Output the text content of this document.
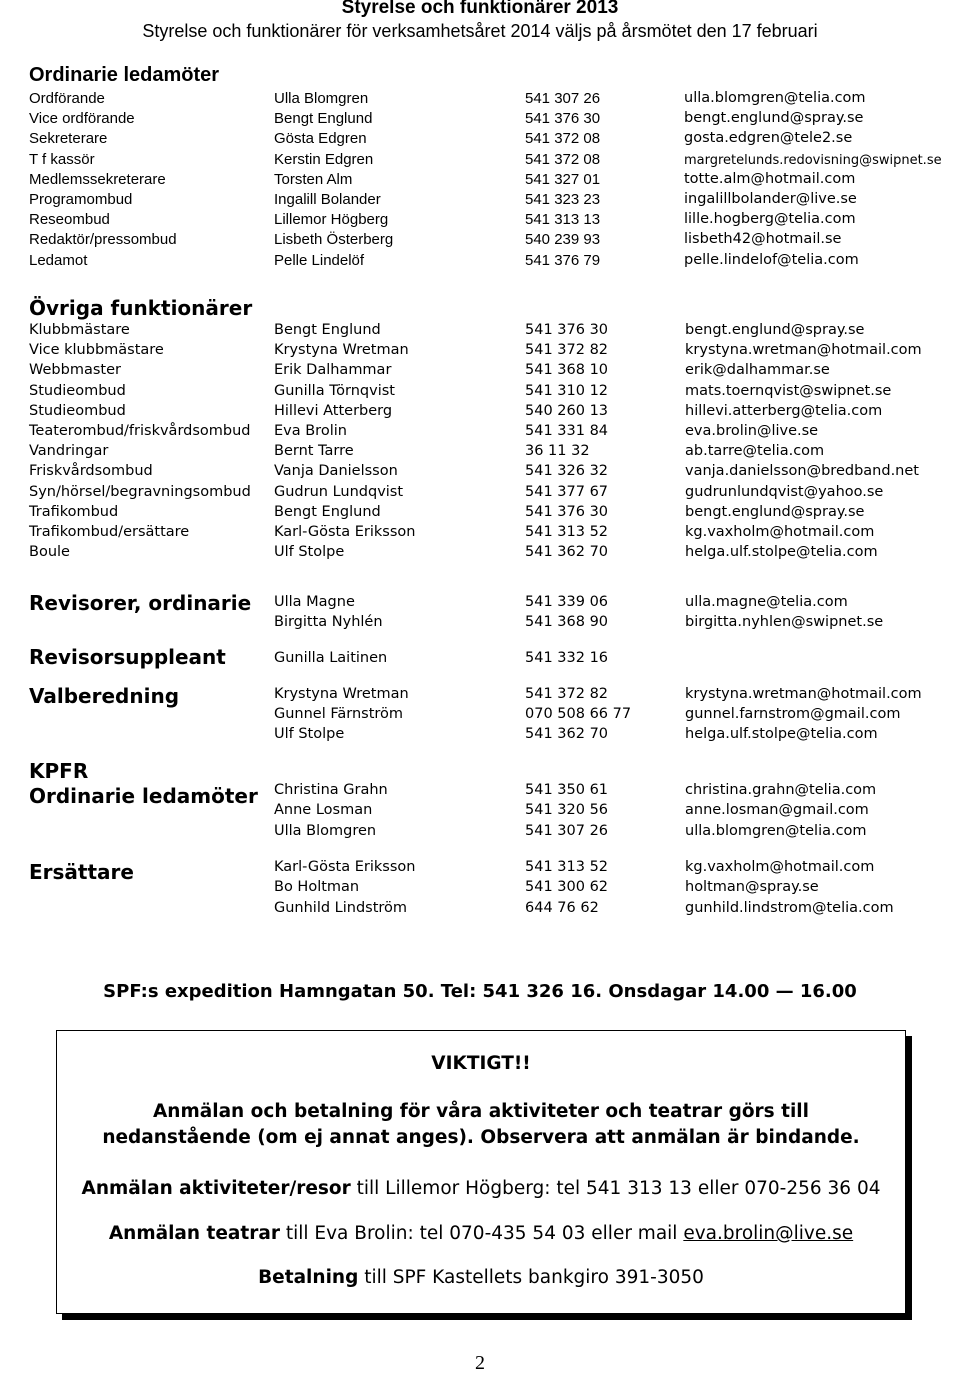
Styrelse och funktionärer 2013
Styrelse och funktionärer för verksamhetsåret 2014 väljs på årsmötet den 17 februari
Ordinarie ledamöter
Ordförande	Ulla Blomgren	541 307 26	ulla.blomgren@telia.com
Vice ordförande	Bengt Englund	541 376 30	bengt.englund@spray.se
Sekreterare	Gösta Edgren	541 372 08	gosta.edgren@tele2.se
T f kassör	Kerstin Edgren	541 372 08	margretelunds.redovisning@swipnet.se
Medlemssekreterare	Torsten Alm	541 327 01	totte.alm@hotmail.com
Programombud	Ingalill Bolander	541 323 23	ingalillbolander@live.se
Reseombud	Lillemor Högberg	541 313 13	lille.hogberg@telia.com
Redaktör/pressombud	Lisbeth Österberg	540 239 93	lisbeth42@hotmail.se
Ledamot	Pelle Lindelöf	541 376 79	pelle.lindelof@telia.com
Övriga funktionärer
Klubbmästare	Bengt Englund	541 376 30	bengt.englund@spray.se
Vice klubbmästare	Krystyna Wretman	541 372 82	krystyna.wretman@hotmail.com
Webbmaster	Erik Dalhammar	541 368 10	erik@dalhammar.se
Studieombud	Gunilla Törnqvist	541 310 12	mats.toernqvist@swipnet.se
Studieombud	Hillevi Atterberg	540 260 13	hillevi.atterberg@telia.com
Teaterombud/friskvårdsombud Eva Brolin	541 331 84	eva.brolin@live.se
Vandringar	Bernt Tarre	36 11 32	ab.tarre@telia.com
Friskvårdsombud	Vanja Danielsson	541 326 32	vanja.danielsson@bredband.net
Syn/hörsel/begravningsombud Gudrun Lundqvist	541 377 67	gudrunlundqvist@yahoo.se
Trafikombud	Bengt Englund	541 376 30	bengt.englund@spray.se
Trafikombud/ersättare	Karl-Gösta Eriksson	541 313 52	kg.vaxholm@hotmail.com
Boule	Ulf Stolpe	541 362 70	helga.ulf.stolpe@telia.com
Revisorer, ordinarie Ulla Magne	541 339 06	ulla.magne@telia.com
Birgitta Nyhlén	541 368 90	birgitta.nyhlen@swipnet.se
Revisorsuppleant	Gunilla Laitinen	541 332 16
Valberedning	Krystyna Wretman	541 372 82	krystyna.wretman@hotmail.com
Gunnel Färnström	070 508 66 77	gunnel.farnstrom@gmail.com
Ulf Stolpe	541 362 70	helga.ulf.stolpe@telia.com
KPFR
Ordinarie ledamöter Christina Grahn	541 350 61	christina.grahn@telia.com
Anne Losman	541 320 56	anne.losman@gmail.com
Ulla Blomgren	541 307 26	ulla.blomgren@telia.com
Ersättare	Karl-Gösta Eriksson	541 313 52	kg.vaxholm@hotmail.com
Bo Holtman	541 300 62	holtman@spray.se
Gunhild Lindström	644 76 62	gunhild.lindstrom@telia.com
SPF:s expedition Hamngatan 50. Tel: 541 326 16. Onsdagar 14.00 — 16.00
VIKTIGT!!
Anmälan och betalning för våra aktiviteter och teatrar görs till
nedanstående (om ej annat anges). Observera att anmälan är bindande.
Anmälan aktiviteter/resor till Lillemor Högberg: tel 541 313 13 eller 070-256 36 04
Anmälan teatrar till Eva Brolin: tel 070-435 54 03 eller mail eva.brolin@live.se
Betalning till SPF Kastellets bankgiro 391-3050
2
